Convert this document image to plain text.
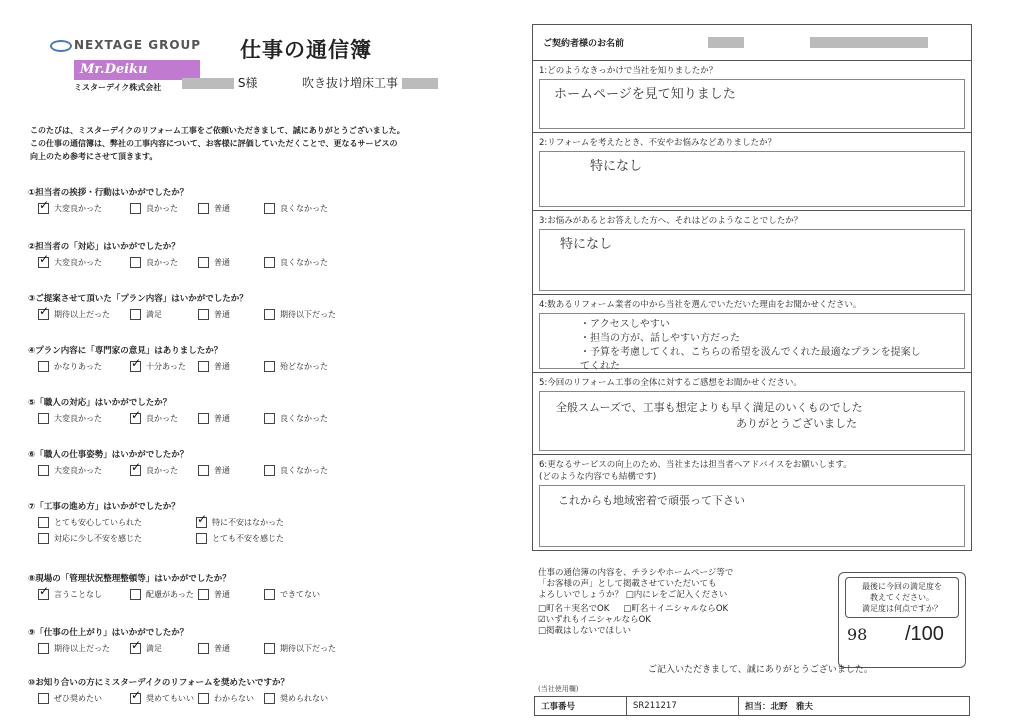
NEXTAGE GROUP 仕事の通信簿
Mr.Deiku
ミスターデイク株式会社	S様	吹き抜け増床工事
このたびは、ミスターデイクのリフォーム工事をご依頼いただきまして、誠にありがとうございました。
この仕事の通信簿は、弊社の工事内容について、お客様に評価していただくことで、更なるサービスの
向上のため参考にさせて頂きます。
①担当者の挨拶・行動はいかがでしたか？
✓
大変良かった	良かった	普通	良くなかった
②担当者の「対応」はいかがでしたか？
✓
大変良かった	良かった	普通	良くなかった
③ご提案させて頂いた「プラン内容」はいかがでしたか？
✓
期待以上だった	満足	普通	期待以下だった
④プラン内容に「専門家の意見」はありましたか？
かなりあった ✓	十分あった	普通	殆どなかった
⑤「職人の対応」はいかがでしたか？
大変良かった ✓	良かった	普通	良くなかった
⑥「職人の仕事姿勢」はいかがでしたか？
大変良かった ✓	良かった	普通	良くなかった
⑦「工事の進め方」はいかがでしたか？
とても安心していられた ✓	特に不安はなかった
対応に少し不安を感じた	とても不安を感じた
⑧現場の「管理状況整理整頓等」はいかがでしたか？
✓
言うことなし	配慮があった	普通	できてない
⑨「仕事の仕上がり」はいかがでしたか？
期待以上だった ✓	満足	普通	期待以下だった
⑩お知り合いの方にミスターデイクのリフォームを奨めたいですか？
ぜひ奨めたい ✓	奨めてもいい	わからない	奨められない
ご契約者様のお名前
1:どのようなきっかけで当社を知りましたか？
ホームページを見て知りました
2:リフォームを考えたとき、不安やお悩みなどありましたか？
特になし
3:お悩みがあるとお答えした方へ、それはどのようなことでしたか？
特になし
4:数あるリフォーム業者の中から当社を選んでいただいた理由をお聞かせください。
・アクセスしやすい
・担当の方が、話しやすい方だった
・予算を考慮してくれ、こちらの希望を汲んでくれた最適なプランを提案してくれた
5:今回のリフォーム工事の全体に対するご感想をお聞かせください。
全般スムーズで、工事も想定よりも早く満足のいくものでした
ありがとうございました
6:更なるサービスの向上のため、当社または担当者へアドバイスをお願いします。
(どのような内容でも結構です)
これからも地域密着で頑張って下さい
仕事の通信簿の内容を、チラシやホームページ等で
「お客様の声」として掲載させていただいても
よろしいでしょうか？ □内にレをご記入ください
□町名＋実名でOK □町名＋イニシャルならOK
☑いずれもイニシャルならOK
□掲載はしないでほしい
最後に今回の満足度を
教えてください。
満足度は何点ですか？
98 /100
ご記入いただきまして、誠にありがとうございました。
(当社使用欄)
工事番号	SR211217	担当：北野　雅夫
